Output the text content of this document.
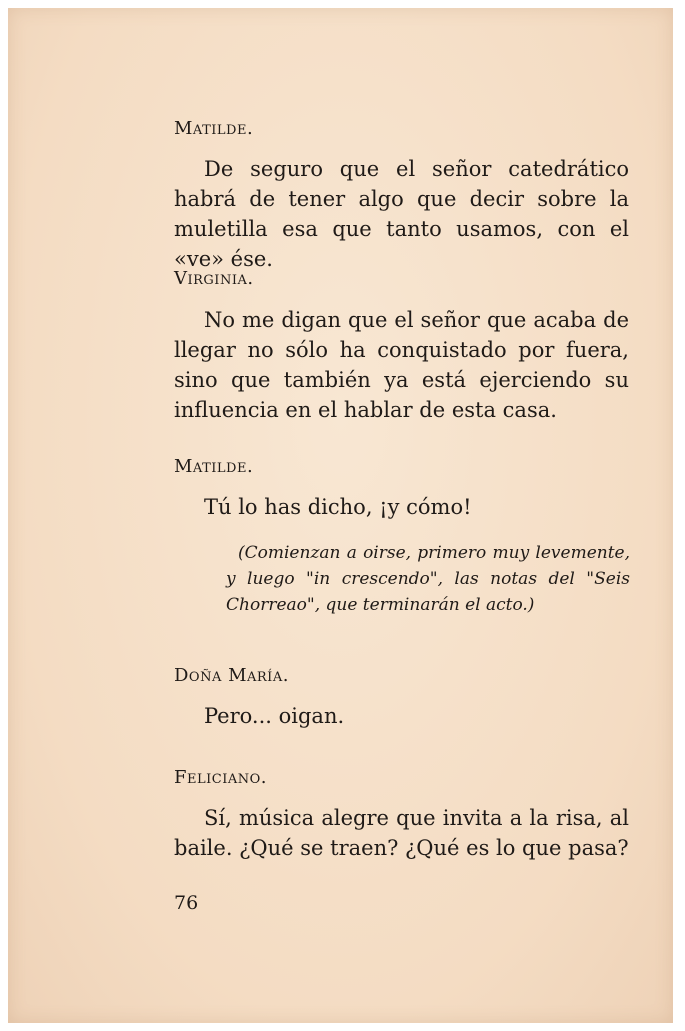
Matilde.
De seguro que el señor catedrático habrá de tener algo que decir sobre la muletilla esa que tanto usamos, con el «ve» ése.
Virginia.
No me digan que el señor que acaba de llegar no sólo ha conquistado por fuera, sino que también ya está ejerciendo su influencia en el hablar de esta casa.
Matilde.
Tú lo has dicho, ¡y cómo!
(Comienzan a oirse, primero muy levemente, y luego "in crescendo", las notas del "Seis Chorreao", que terminarán el acto.)
Doña María.
Pero... oigan.
Feliciano.
Sí, música alegre que invita a la risa, al baile. ¿Qué se traen? ¿Qué es lo que pasa?
76
